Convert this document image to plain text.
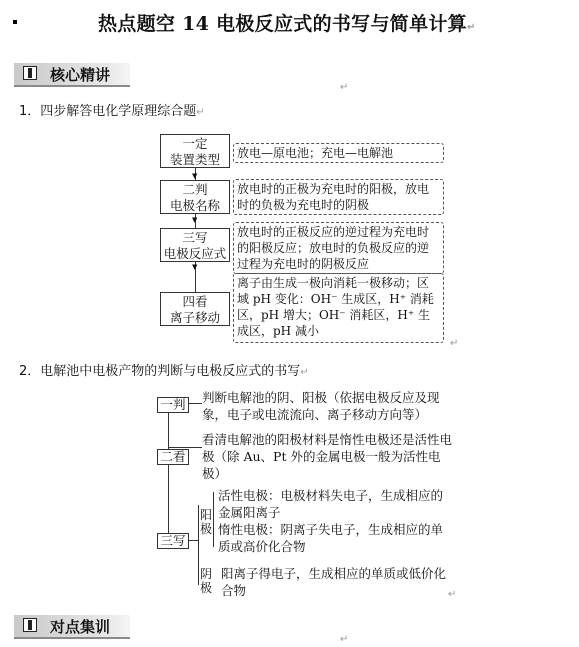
热点题空 14 电极反应式的书写与简单计算↵
核心精讲
↵
1．四步解答电化学原理综合题↵
▼
▼
▼
一定
装置类型	放电—原电池；充电—电解池
二判
电极名称
放电时的正极为充电时的阳极，放电时的负极为充电时的阴极
三写
电极反应式
放电时的正极反应的逆过程为充电时的阳极反应；放电时的负极反应的逆过程为充电时的阴极反应
四看
离子移动
离子由生成一极向消耗一极移动；区域 pH 变化：OH⁻ 生成区，H⁺ 消耗区，pH 增大；OH⁻ 消耗区，H⁺ 生成区，pH 减小
↵
2．电解池中电极产物的判断与电极反应式的书写↵
一判 判断电解池的阴、阳极（依据电极反应及现象，电子或电流流向、离子移动方向等）
二看
看清电解池的阳极材料是惰性电极还是活性电极（除 Au、Pt 外的金属电极一般为活性电极）
三写
阳极
活性电极：电极材料失电子，生成相应的金属阳离子
惰性电极：阴离子失电子，生成相应的单质或高价化合物
阴极
阳离子得电子，生成相应的单质或低价化合物	↵
对点集训
↵
